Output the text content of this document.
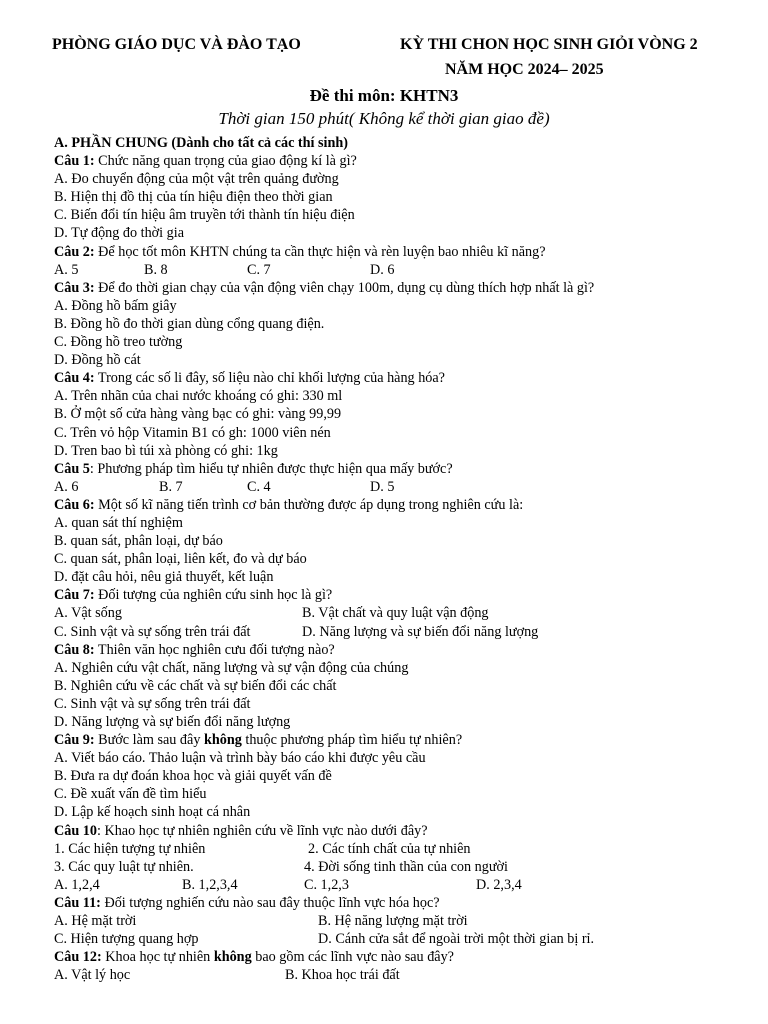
PHÒNG GIÁO DỤC VÀ ĐÀO TẠO	KỲ THI CHON HỌC SINH GIỎI VÒNG 2
NĂM HỌC 2024– 2025
Đề thi môn: KHTN3
Thời gian 150 phút( Không kể thời gian giao đề)
A. PHẦN CHUNG (Dành cho tất cả các thí sinh)
Câu 1: Chức năng quan trọng của giao động kí là gì?
A. Đo chuyển động của một vật trên quảng đường
B. Hiện thị đồ thị của tín hiệu điện theo thời gian
C. Biến đổi tín hiệu âm truyền tới thành tín hiệu điện
D. Tự động đo thời gia
Câu 2: Để học tốt môn KHTN chúng ta cần thực hiện và rèn luyện bao nhiêu kĩ năng?
A. 5	B. 8	C. 7	D. 6
Câu 3: Để đo thời gian chạy của vận động viên chạy 100m, dụng cụ dùng thích hợp nhất là gì?
A. Đồng hồ bấm giây
B. Đồng hồ đo thời gian dùng cổng quang điện.
C. Đồng hồ treo tường
D. Đồng hồ cát
Câu 4: Trong các số li đây, số liệu nào chỉ khối lượng của hàng hóa?
A. Trên nhãn của chai nước khoáng có ghi: 330 ml
B. Ở một số cửa hàng vàng bạc có ghi: vàng 99,99
C. Trên vỏ hộp Vitamin B1 có gh: 1000 viên nén
D. Tren bao bì túi xà phòng có ghi: 1kg
Câu 5: Phương pháp tìm hiểu tự nhiên được thực hiện qua mấy bước?
A. 6	B. 7	C. 4	D. 5
Câu 6: Một số kĩ năng tiến trình cơ bản thường được áp dụng trong nghiên cứu là:
A. quan sát thí nghiệm
B. quan sát, phân loại, dự báo
C. quan sát, phân loại, liên kết, đo và dự báo
D. đặt câu hỏi, nêu giả thuyết, kết luận
Câu 7: Đối tượng của nghiên cứu sinh học là gì?
A. Vật sống	B. Vật chất và quy luật vận động
C. Sinh vật và sự sống trên trái đất	D. Năng lượng và sự biến đổi năng lượng
Câu 8: Thiên văn học nghiên cưu đối tượng nào?
A. Nghiên cứu vật chất, năng lượng và sự vận động của chúng
B. Nghiên cứu về các chất và sự biến đổi các chất
C. Sinh vật và sự sống trên trái đất
D. Năng lượng và sự biến đổi năng lượng
Câu 9: Bước làm sau đây không thuộc phương pháp tìm hiểu tự nhiên?
A. Viết báo cáo. Thảo luận và trình bày báo cáo khi được yêu cầu
B. Đưa ra dự đoán khoa học và giải quyết vấn đề
C. Đề xuất vấn đề tìm hiểu
D. Lập kế hoạch sinh hoạt cá nhân
Câu 10: Khao học tự nhiên nghiên cứu về lĩnh vực nào dưới đây?
1. Các hiện tượng tự nhiên	2. Các tính chất của tự nhiên
3. Các quy luật tự nhiên.	4. Đời sống tinh thần của con người
A. 1,2,4	B. 1,2,3,4	C. 1,2,3	D. 2,3,4
Câu 11: Đối tượng nghiến cứu nào sau đây thuộc lĩnh vực hóa học?
A. Hệ mặt trời	B. Hệ năng lượng mặt trời
C. Hiện tượng quang hợp	D. Cánh cửa sắt để ngoài trời một thời gian bị rỉ.
Câu 12: Khoa học tự nhiên không bao gồm các lĩnh vực nào sau đây?
A. Vật lý học	B. Khoa học trái đất
